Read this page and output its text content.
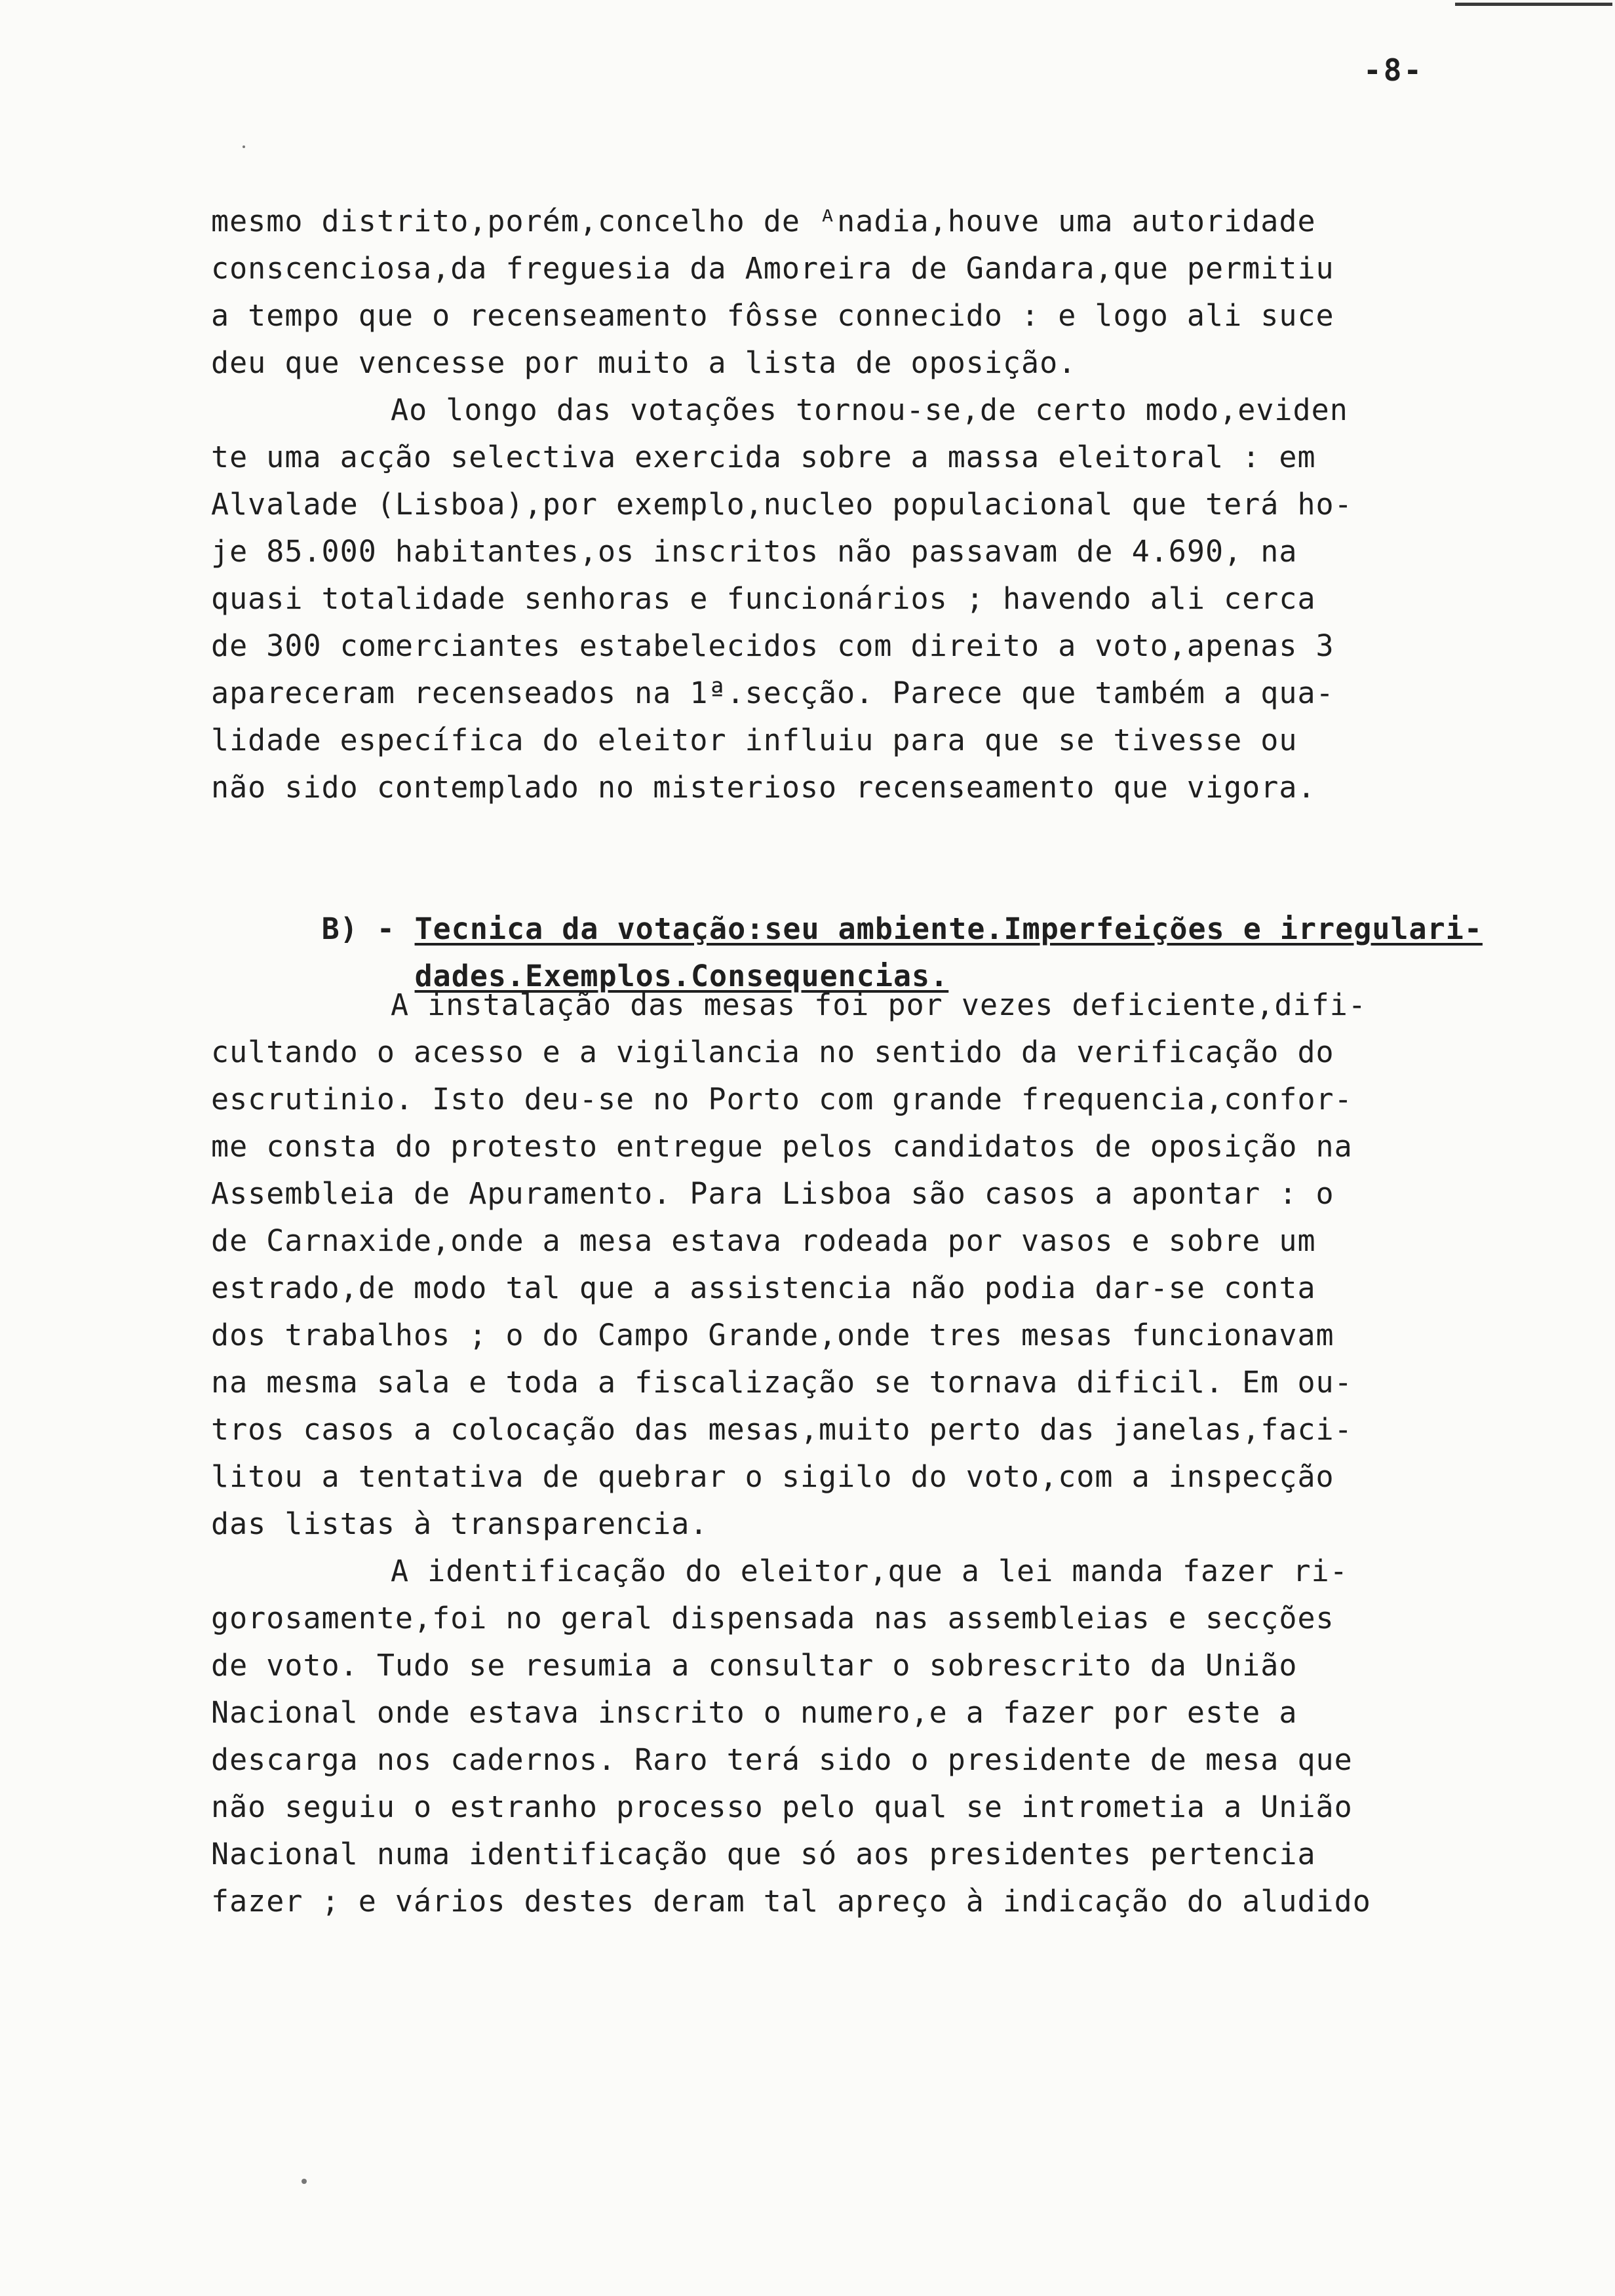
-8-
mesmo distrito,porém,concelho de ᴬnadia,houve uma autoridade
conscenciosa,da freguesia da Amoreira de Gandara,que permitiu
a tempo que o recenseamento fôsse connecido : e logo ali suce
deu que vencesse por muito a lista de oposição.
Ao longo das votações tornou-se,de certo modo,eviden
te uma acção selectiva exercida sobre a massa eleitoral : em
Alvalade (Lisboa),por exemplo,nucleo populacional que terá ho-
je 85.000 habitantes,os inscritos não passavam de 4.690, na
quasi totalidade senhoras e funcionários ; havendo ali cerca
de 300 comerciantes estabelecidos com direito a voto,apenas 3
apareceram recenseados na 1ª.secção. Parece que também a qua-
lidade específica do eleitor influiu para que se tivesse ou
não sido contemplado no misterioso recenseamento que vigora.

B) - Tecnica da votação:seu ambiente.Imperfeições e irregulari-

dades.Exemplos.Consequencias.

A instalação das mesas foi por vezes deficiente,difi-
cultando o acesso e a vigilancia no sentido da verificação do
escrutinio. Isto deu-se no Porto com grande frequencia,confor-
me consta do protesto entregue pelos candidatos de oposição na
Assembleia de Apuramento. Para Lisboa são casos a apontar : o
de Carnaxide,onde a mesa estava rodeada por vasos e sobre um
estrado,de modo tal que a assistencia não podia dar-se conta
dos trabalhos ; o do Campo Grande,onde tres mesas funcionavam
na mesma sala e toda a fiscalização se tornava dificil. Em ou-
tros casos a colocação das mesas,muito perto das janelas,faci-
litou a tentativa de quebrar o sigilo do voto,com a inspecção
das listas à transparencia.
A identificação do eleitor,que a lei manda fazer ri-
gorosamente,foi no geral dispensada nas assembleias e secções
de voto. Tudo se resumia a consultar o sobrescrito da União
Nacional onde estava inscrito o numero,e a fazer por este a
descarga nos cadernos. Raro terá sido o presidente de mesa que
não seguiu o estranho processo pelo qual se intrometia a União
Nacional numa identificação que só aos presidentes pertencia
fazer ; e vários destes deram tal apreço à indicação do aludido
